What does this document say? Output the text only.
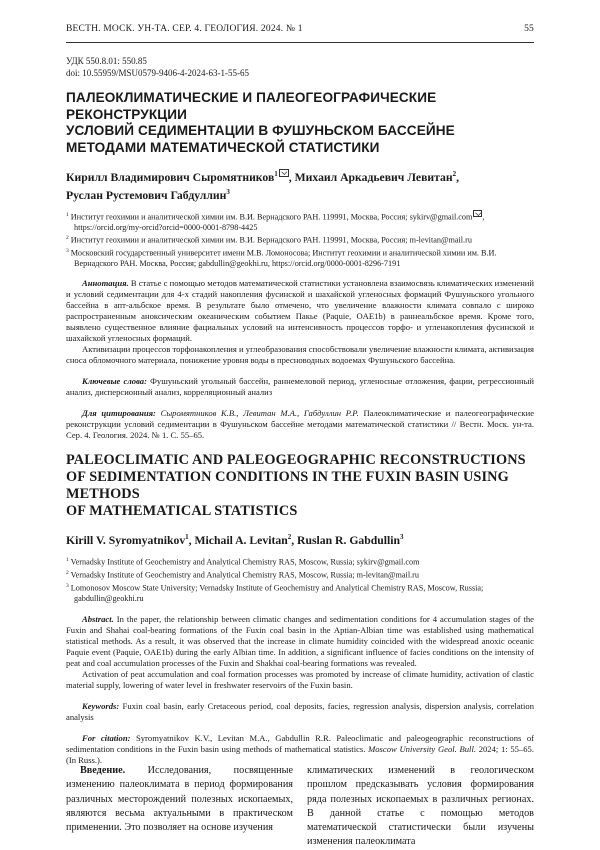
ВЕСТН. МОСК. УН-ТА. СЕР. 4. ГЕОЛОГИЯ. 2024. № 1	55
УДК 550.8.01: 550.85
doi: 10.55959/MSU0579-9406-4-2024-63-1-55-65
ПАЛЕОКЛИМАТИЧЕСКИЕ И ПАЛЕОГЕОГРАФИЧЕСКИЕ РЕКОНСТРУКЦИИ
УСЛОВИЙ СЕДИМЕНТАЦИИ В ФУШУНЬСКОМ БАССЕЙНЕ
МЕТОДАМИ МАТЕМАТИЧЕСКОЙ СТАТИСТИКИ
Кирилл Владимирович Сыромятников$^1$ , Михаил Аркадьевич Левитан$^2$,
Руслан Рустемович Габдуллин$^3$
$^1$ Институт геохимии и аналитической химии им. В.И. Вернадского РАН. 119991, Москва, Россия; sykirv@gmail.com , https://orcid.org/my-orcid?orcid=0000-0001-8798-4425
$^2$ Институт геохимии и аналитической химии им. В.И. Вернадского РАН. 119991, Москва, Россия; m-levitan@mail.ru
$^3$ Московский государственный университет имени М.В. Ломоносова; Институт геохимии и аналитической химии им. В.И. Вернадского РАН. Москва, Россия; gabdullin@geokhi.ru, https://orcid.org/0000-0001-8296-7191

Аннотация. В статье с помощью методов математической статистики установлена взаимосвязь климатических изменений и условий седиментации для 4-х стадий накопления фусинской и шахайской угленосных формаций Фушуньского угольного бассейна в апт-альбское время. В результате было отмечено, что увеличение влажности климата совпало с широко распространенным аноксическим океаническим событием Пакье (Paquie, OAE1b) в раннеальбское время. Кроме того, выявлено существенное влияние фациальных условий на интенсивность процессов торфо- и угленакопления фусинской и шахайской угленосных формаций.

Активизации процессов торфонакопления и углеобразования способствовали увеличение влажности климата, активизация сноса обломочного материала, понижение уровня воды в пресноводных водоемах Фушуньского бассейна.

Ключевые слова: Фушуньский угольный бассейн, раннемеловой период, угленосные отложения, фации, регрессионный анализ, дисперсионный анализ, корреляционный анализ

Для цитирования: Сыромятников К.В., Левитан М.А., Габдуллин Р.Р. Палеоклиматические и палеогеографические реконструкции условий седиментации в Фушуньском бассейне методами математической статистики // Вестн. Моск. ун-та. Сер. 4. Геология. 2024. № 1. С. 55–65.

PALEOCLIMATIC AND PALEOGEOGRAPHIC RECONSTRUCTIONS
OF SEDIMENTATION CONDITIONS IN THE FUXIN BASIN USING METHODS
OF MATHEMATICAL STATISTICS
Kirill V. Syromyatnikov$^1$, Michail A. Levitan$^2$, Ruslan R. Gabdullin$^3$
$^1$ Vernadsky Institute of Geochemistry and Analytical Chemistry RAS, Moscow, Russia; sykirv@gmail.com
$^2$ Vernadsky Institute of Geochemistry and Analytical Chemistry RAS, Moscow, Russia; m-levitan@mail.ru
$^3$ Lomonosov Moscow State University; Vernadsky Institute of Geochemistry and Analytical Chemistry RAS, Moscow, Russia; gabdullin@geokhi.ru

Abstract. In the paper, the relationship between climatic changes and sedimentation conditions for 4 accumulation stages of the Fuxin and Shahai coal-bearing formations of the Fuxin coal basin in the Aptian-Albian time was established using mathematical statistical methods. As a result, it was observed that the increase in climate humidity coincided with the widespread anoxic oceanic Paquie event (Paquie, OAE1b) during the early Albian time. In addition, a significant influence of facies conditions on the intensity of peat and coal accumulation processes of the Fuxin and Shakhai coal-bearing formations was revealed.

Activation of peat accumulation and coal formation processes was promoted by increase of climate humidity, activation of clastic material supply, lowering of water level in freshwater reservoirs of the Fuxin basin.

Keywords: Fuxin coal basin, early Cretaceous period, coal deposits, facies, regression analysis, dispersion analysis, correlation analysis

For citation: Syromyatnikov K.V., Levitan M.A., Gabdullin R.R. Paleoclimatic and paleogeographic reconstructions of sedimentation conditions in the Fuxin basin using methods of mathematical statistics. Moscow University Geol. Bull. 2024; 1: 55–65. (In Russ.).

Введение. Исследования, посвященные изменению палеоклимата в период формирования различных месторождений полезных ископаемых, являются весьма актуальными в практическом применении. Это позволяет на основе изучения

климатических изменений в геологическом прошлом предсказывать условия формирования ряда полезных ископаемых в различных регионах. В данной статье с помощью методов математической статистически были изучены изменения палеоклимата
